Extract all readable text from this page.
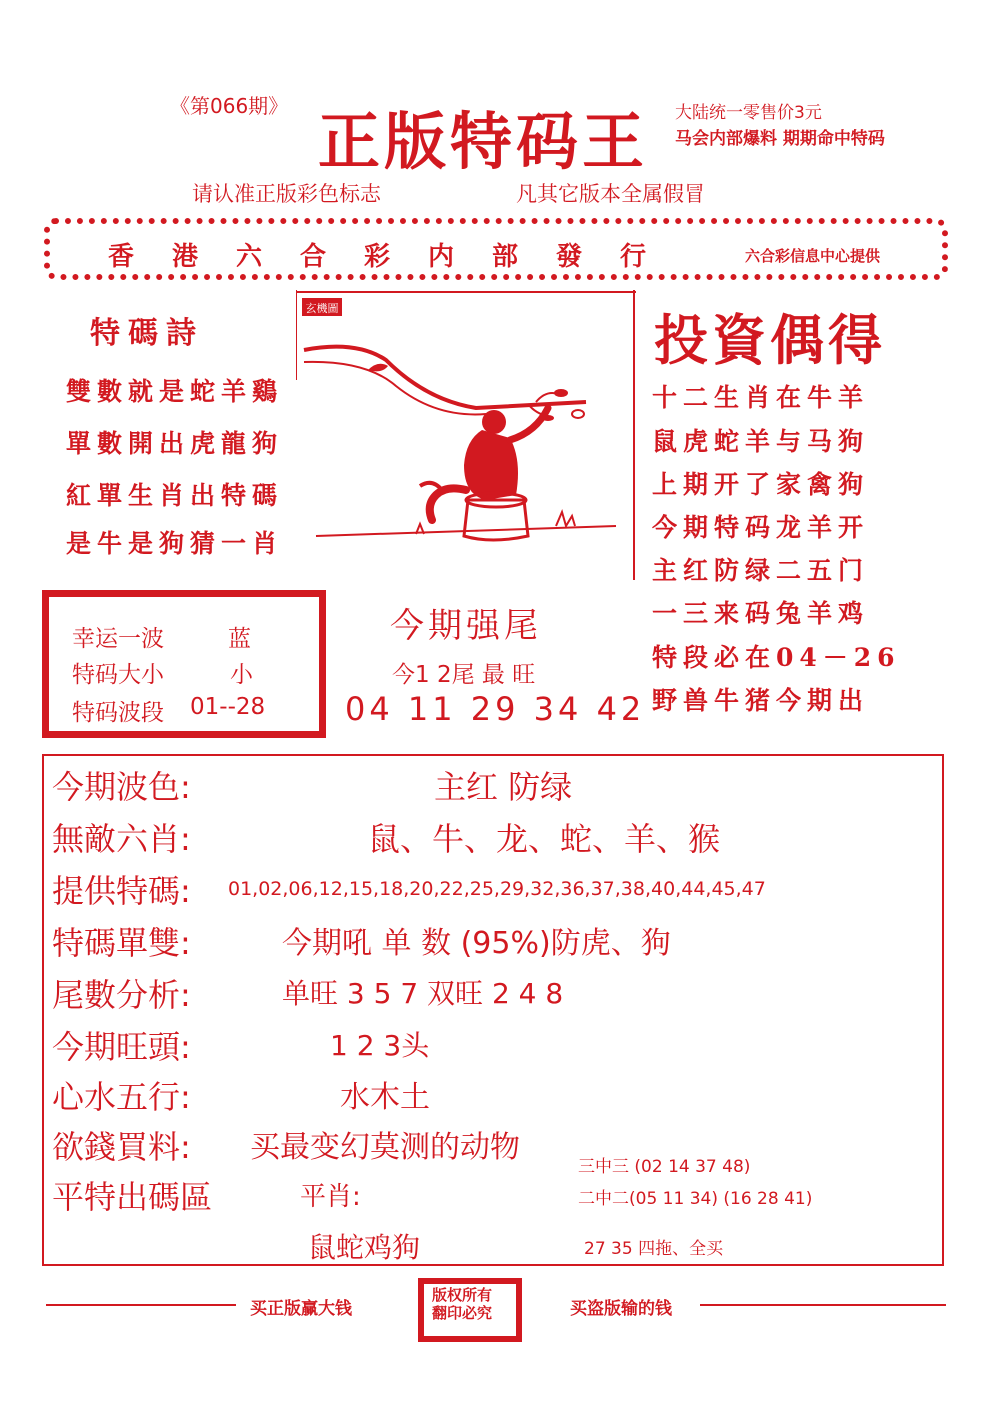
《第066期》 正版特码王 大陆统一零售价3元
马会内部爆料 期期命中特码
请认准正版彩色标志	凡其它版本全属假冒
香港六合彩内部發行	六合彩信息中心提供
特碼詩
雙數就是蛇羊鷄
單數開出虎龍狗
紅單生肖出特碼
是牛是狗猜一肖
玄機圖	投資偶得
十二生肖在牛羊
鼠虎蛇羊与马狗
上期开了家禽狗
今期特码龙羊开
主红防绿二五门
一三来码兔羊鸡
特段必在04－26
野兽牛猪今期出
幸运一波	蓝
特码大小	小
特码波段 01--28
今期强尾
今1 2尾 最 旺
04 11 29 34 42
今期波色:	主红 防绿
無敵六肖:	鼠、牛、龙、蛇、羊、猴
提供特碼: 01,02,06,12,15,18,20,22,25,29,32,36,37,38,40,44,45,47
特碼單雙:	今期吼 单 数 (95%)防虎、狗
尾數分析:	单旺 3 5 7 双旺 2 4 8
今期旺頭:	1 2 3头
心水五行:	水木土
欲錢買料: 买最变幻莫测的动物
平特出碼區	平肖:
鼠蛇鸡狗
三中三 (02 14 37 48)
二中二(05 11 34) (16 28 41)
27 35 四拖、全买
买正版赢大钱
版权所有
翻印必究	买盗版输的钱
